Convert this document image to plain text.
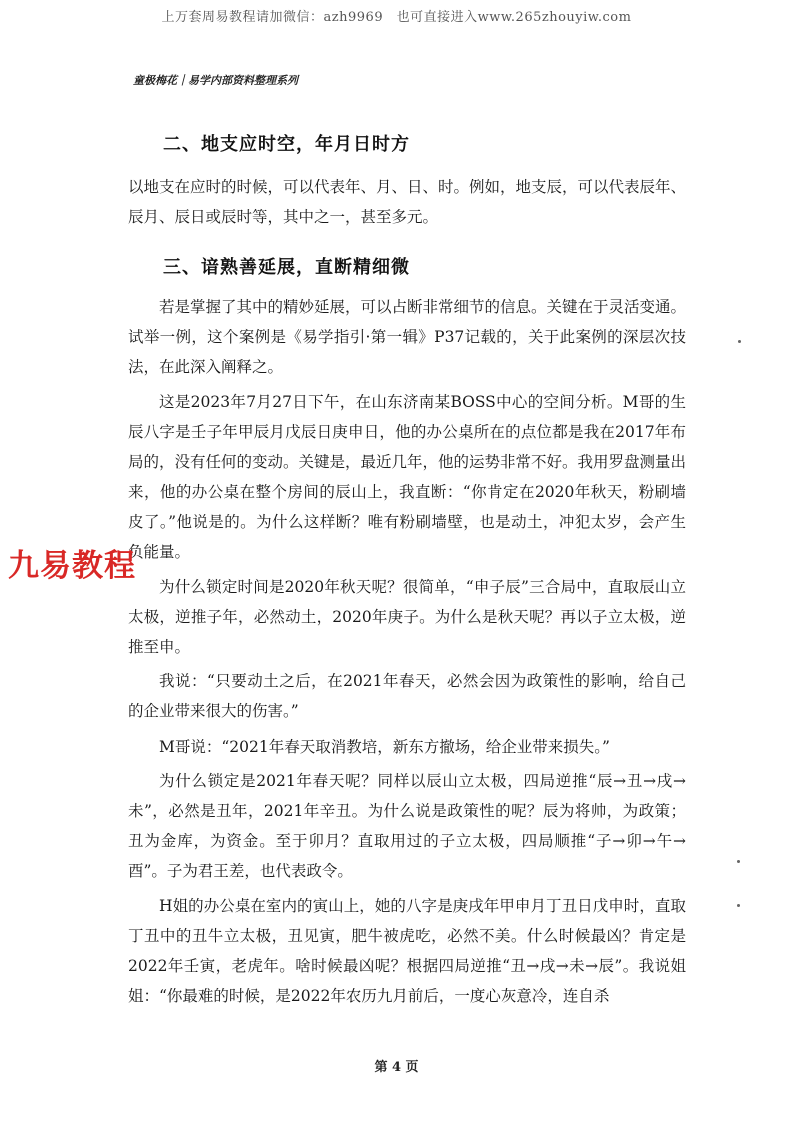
上万套周易教程请加微信：azh9969　也可直接进入www.265zhouyiw.com
童极梅花｜易学内部资料整理系列
二、地支应时空，年月日时方

以地支在应时的时候，可以代表年、月、日、时。例如，地支辰，可以代表辰年、辰月、辰日或辰时等，其中之一，甚至多元。

三、谙熟善延展，直断精细微

若是掌握了其中的精妙延展，可以占断非常细节的信息。关键在于灵活变通。试举一例，这个案例是《易学指引·第一辑》P37记载的，关于此案例的深层次技法，在此深入阐释之。

这是2023年7月27日下午，在山东济南某BOSS中心的空间分析。M哥的生辰八字是壬子年甲辰月戊辰日庚申日，他的办公桌所在的点位都是我在2017年布局的，没有任何的变动。关键是，最近几年，他的运势非常不好。我用罗盘测量出来，他的办公桌在整个房间的辰山上，我直断：“你肯定在2020年秋天，粉刷墙皮了。”他说是的。为什么这样断？唯有粉刷墙壁，也是动土，冲犯太岁，会产生负能量。

为什么锁定时间是2020年秋天呢？很简单，“申子辰”三合局中，直取辰山立太极，逆推子年，必然动土，2020年庚子。为什么是秋天呢？再以子立太极，逆推至申。

我说：“只要动土之后，在2021年春天，必然会因为政策性的影响，给自己的企业带来很大的伤害。”

M哥说：“2021年春天取消教培，新东方撤场，给企业带来损失。”

为什么锁定是2021年春天呢？同样以辰山立太极，四局逆推“辰→丑→戌→未”，必然是丑年，2021年辛丑。为什么说是政策性的呢？辰为将帅，为政策；丑为金库，为资金。至于卯月？直取用过的子立太极，四局顺推“子→卯→午→酉”。子为君王差，也代表政令。

H姐的办公桌在室内的寅山上，她的八字是庚戌年甲申月丁丑日戊申时，直取丁丑中的丑牛立太极，丑见寅，肥牛被虎吃，必然不美。什么时候最凶？肯定是2022年壬寅，老虎年。啥时候最凶呢？根据四局逆推“丑→戌→未→辰”。我说姐姐：“你最难的时候，是2022年农历九月前后，一度心灰意冷，连自杀

九易教程
第 4 页
